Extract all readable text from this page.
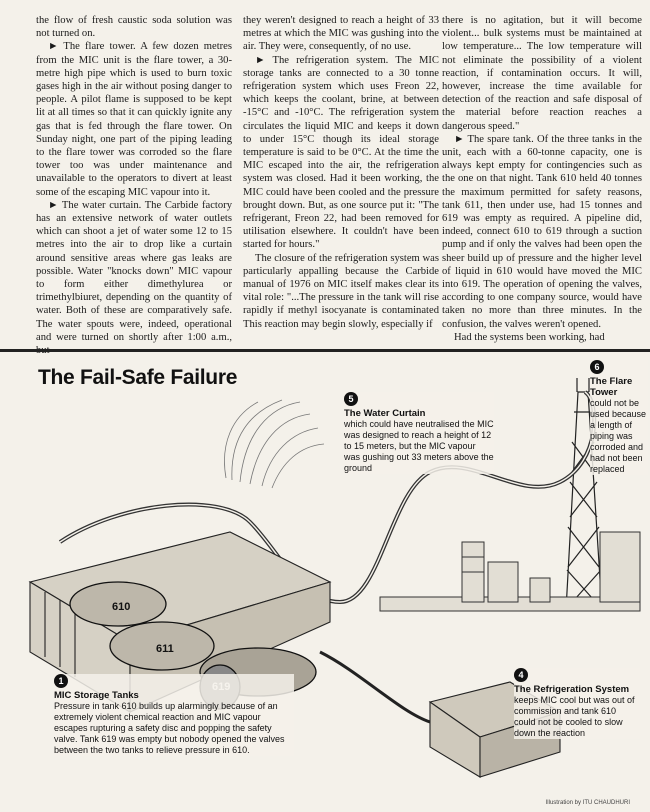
the flow of fresh caustic soda solution was not turned on.

► The flare tower. A few dozen metres from the MIC unit is the flare tower, a 30-metre high pipe which is used to burn toxic gases high in the air without posing danger to people. A pilot flame is supposed to be kept lit at all times so that it can quickly ignite any gas that is fed through the flare tower. On Sunday night, one part of the piping leading to the flare tower was corroded so the flare tower too was under maintenance and unavailable to the operators to divert at least some of the escaping MIC vapour into it.

► The water curtain. The Carbide factory has an extensive network of water outlets which can shoot a jet of water some 12 to 15 metres into the air to drop like a curtain around sensitive areas where gas leaks are possible. Water "knocks down" MIC vapour to form either dimethylurea or trimethylbiuret, depending on the quantity of water. Both of these are comparatively safe. The water spouts were, indeed, operational and were turned on shortly after 1:00 a.m., but

they weren't designed to reach a height of 33 metres at which the MIC was gushing into the air. They were, consequently, of no use.

► The refrigeration system. The MIC storage tanks are connected to a 30 tonne refrigeration system which uses Freon 22, which keeps the coolant, brine, at between -15°C and -10°C. The refrigeration system circulates the liquid MIC and keeps it down to under 15°C though its ideal storage temperature is said to be 0°C. At the time the MIC escaped into the air, the refrigeration system was closed. Had it been working, the MIC could have been cooled and the pressure brought down. But, as one source put it: "The refrigerant, Freon 22, had been removed for utilisation elsewhere. It couldn't have been started for hours."

The closure of the refrigeration system was particularly appalling because the Carbide manual of 1976 on MIC itself makes clear its vital role: "...The pressure in the tank will rise rapidly if methyl isocyanate is contaminated This reaction may begin slowly, especially if

there is no agitation, but it will become violent... bulk systems must be maintained at low temperature... The low temperature will not eliminate the possibility of a violent reaction, if contamination occurs. It will, however, increase the time available for detection of the reaction and safe disposal of the material before reaction reaches a dangerous speed."

► The spare tank. Of the three tanks in the unit, each with a 60-tonne capacity, one is always kept empty for contingencies such as the one on that night. Tank 610 held 40 tonnes the maximum permitted for safety reasons, tank 611, then under use, had 15 tonnes and 619 was empty as required. A pipeline did, indeed, connect 610 to 619 through a suction pump and if only the valves had been open the sheer build up of pressure and the higher level of liquid in 610 would have moved the MIC into 619. The operation of opening the valves, according to one company source, would have taken no more than three minutes. In the confusion, the valves weren't opened.

Had the systems been working, had

610
611
The Fail-Safe Failure
5
The Water Curtain
which could have neutralised the MIC was designed to reach a height of 12 to 15 meters, but the MIC vapour was gushing out 33 meters above the ground
6
The Flare Tower
could not be used because a length of piping was corroded and had not been replaced
1
MIC Storage Tanks
Pressure in tank 610 builds up alarmingly because of an extremely violent chemical reaction and MIC vapour escapes rupturing a safety disc and popping the safety valve. Tank 619 was empty but nobody opened the valves between the two tanks to relieve pressure in 610.
4
The Refrigeration System
keeps MIC cool but was out of commission and tank 610 could not be cooled to slow down the reaction
Illustration by ITU CHAUDHURI
